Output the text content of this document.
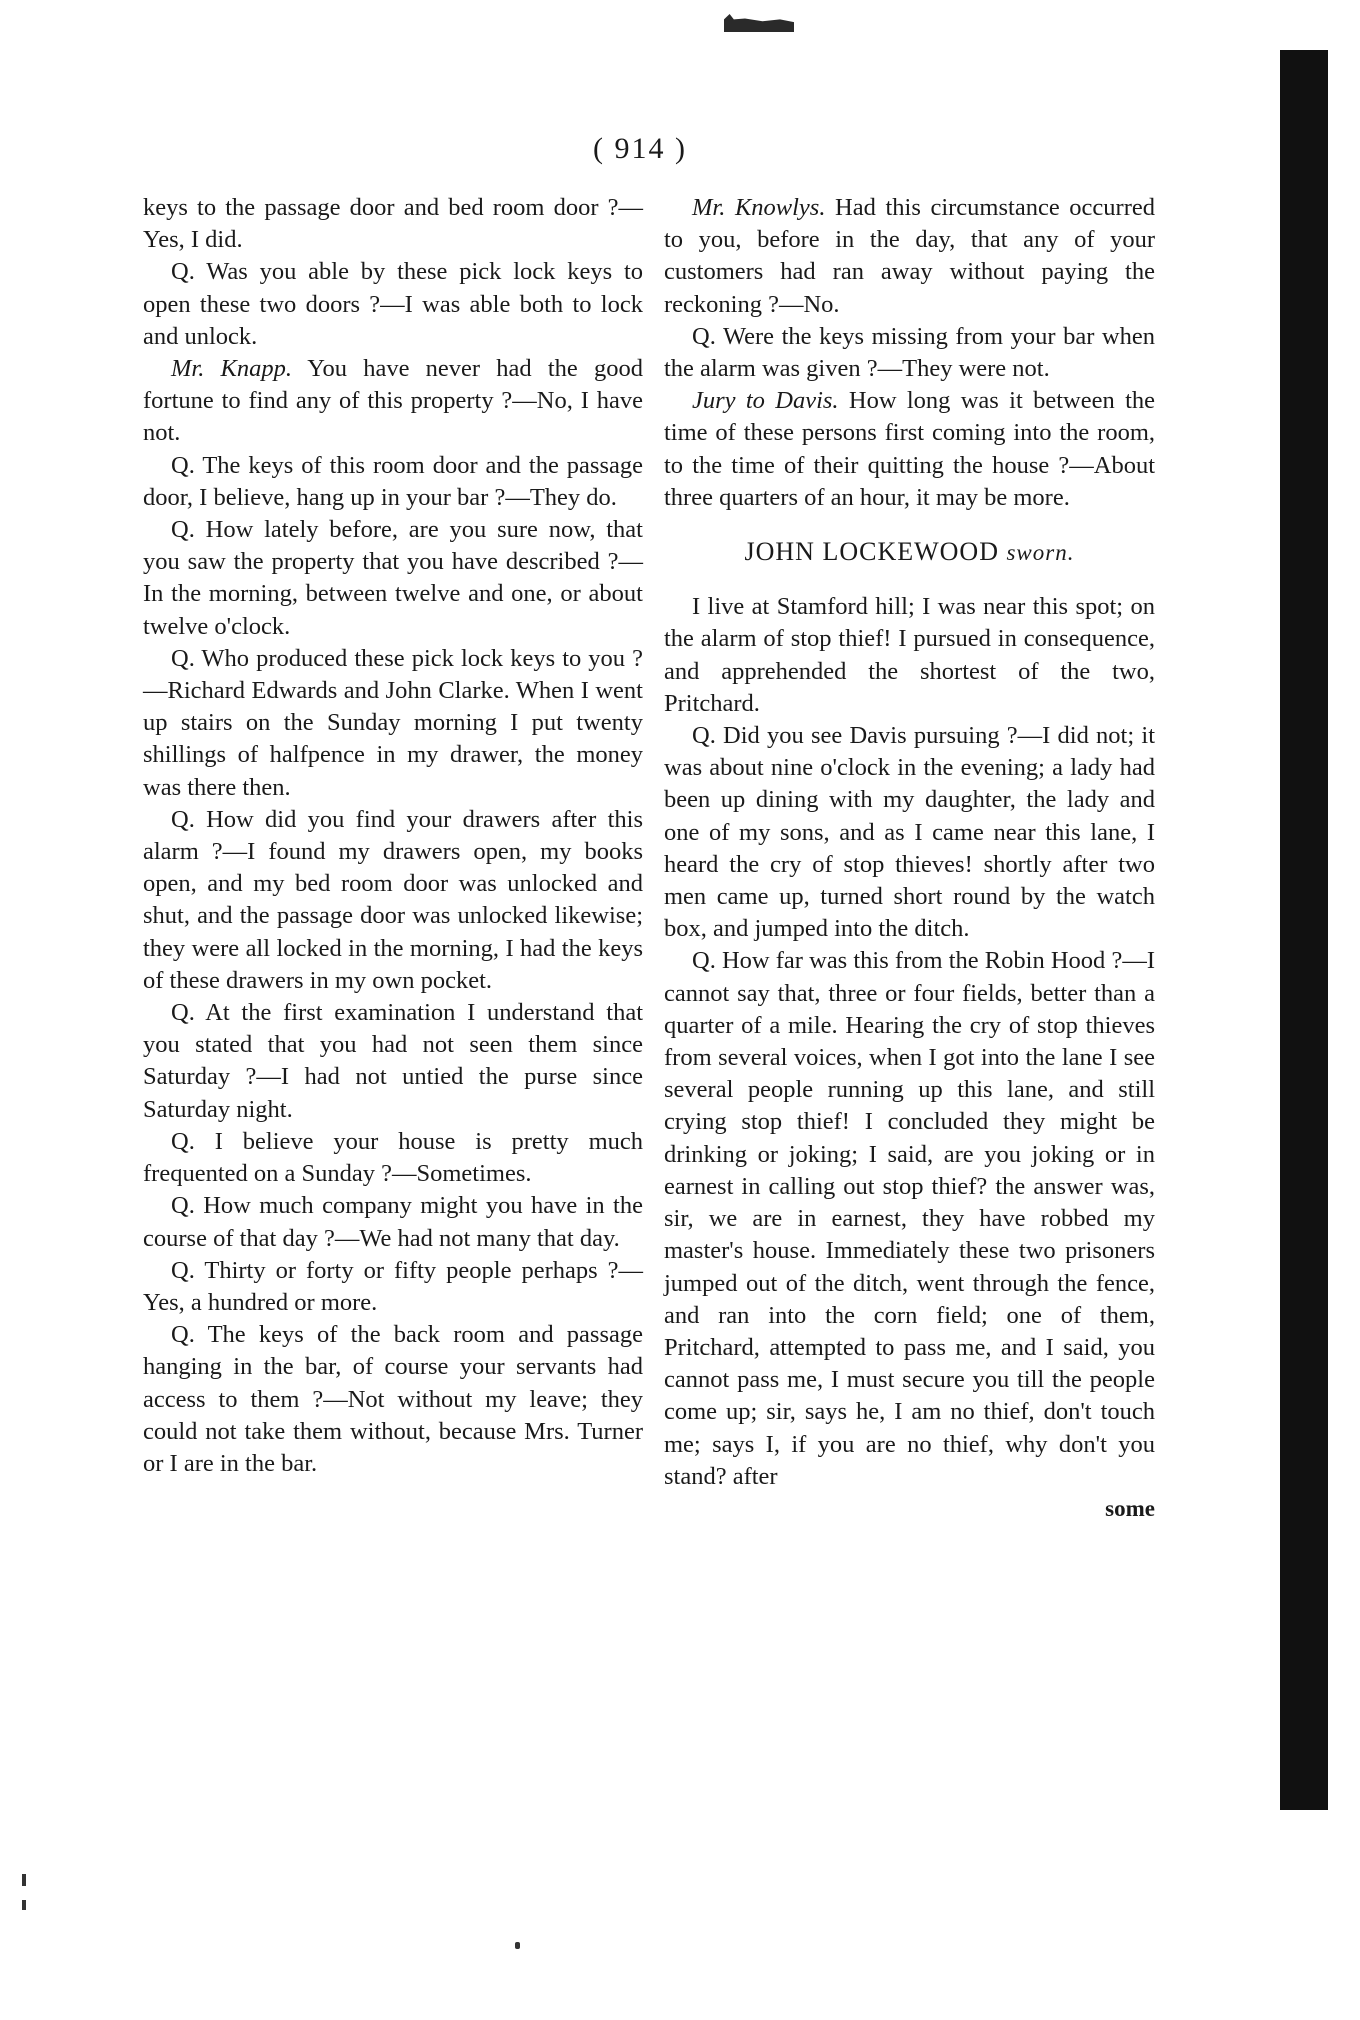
( 914 )

keys to the passage door and bed room door ?—Yes, I did.

Q. Was you able by these pick lock keys to open these two doors ?—I was able both to lock and unlock.

Mr. Knapp. You have never had the good fortune to find any of this property ?—No, I have not.

Q. The keys of this room door and the passage door, I believe, hang up in your bar ?—They do.

Q. How lately before, are you sure now, that you saw the property that you have described ?—In the morning, between twelve and one, or about twelve o'clock.

Q. Who produced these pick lock keys to you ?—Richard Edwards and John Clarke. When I went up stairs on the Sunday morning I put twenty shillings of halfpence in my drawer, the money was there then.

Q. How did you find your drawers after this alarm ?—I found my drawers open, my books open, and my bed room door was unlocked and shut, and the passage door was unlocked likewise; they were all locked in the morning, I had the keys of these drawers in my own pocket.

Q. At the first examination I understand that you stated that you had not seen them since Saturday ?—I had not untied the purse since Saturday night.

Q. I believe your house is pretty much frequented on a Sunday ?—Sometimes.

Q. How much company might you have in the course of that day ?—We had not many that day.

Q. Thirty or forty or fifty people perhaps ?—Yes, a hundred or more.

Q. The keys of the back room and passage hanging in the bar, of course your servants had access to them ?—Not without my leave; they could not take them without, because Mrs. Turner or I are in the bar.

Mr. Knowlys. Had this circumstance occurred to you, before in the day, that any of your customers had ran away without paying the reckoning ?—No.

Q. Were the keys missing from your bar when the alarm was given ?—They were not.

Jury to Davis. How long was it between the time of these persons first coming into the room, to the time of their quitting the house ?—About three quarters of an hour, it may be more.

JOHN LOCKEWOOD sworn.

I live at Stamford hill; I was near this spot; on the alarm of stop thief! I pursued in consequence, and apprehended the shortest of the two, Pritchard.

Q. Did you see Davis pursuing ?—I did not; it was about nine o'clock in the evening; a lady had been up dining with my daughter, the lady and one of my sons, and as I came near this lane, I heard the cry of stop thieves! shortly after two men came up, turned short round by the watch box, and jumped into the ditch.

Q. How far was this from the Robin Hood ?—I cannot say that, three or four fields, better than a quarter of a mile. Hearing the cry of stop thieves from several voices, when I got into the lane I see several people running up this lane, and still crying stop thief! I concluded they might be drinking or joking; I said, are you joking or in earnest in calling out stop thief? the answer was, sir, we are in earnest, they have robbed my master's house. Immediately these two prisoners jumped out of the ditch, went through the fence, and ran into the corn field; one of them, Pritchard, attempted to pass me, and I said, you cannot pass me, I must secure you till the people come up; sir, says he, I am no thief, don't touch me; says I, if you are no thief, why don't you stand? after

some
